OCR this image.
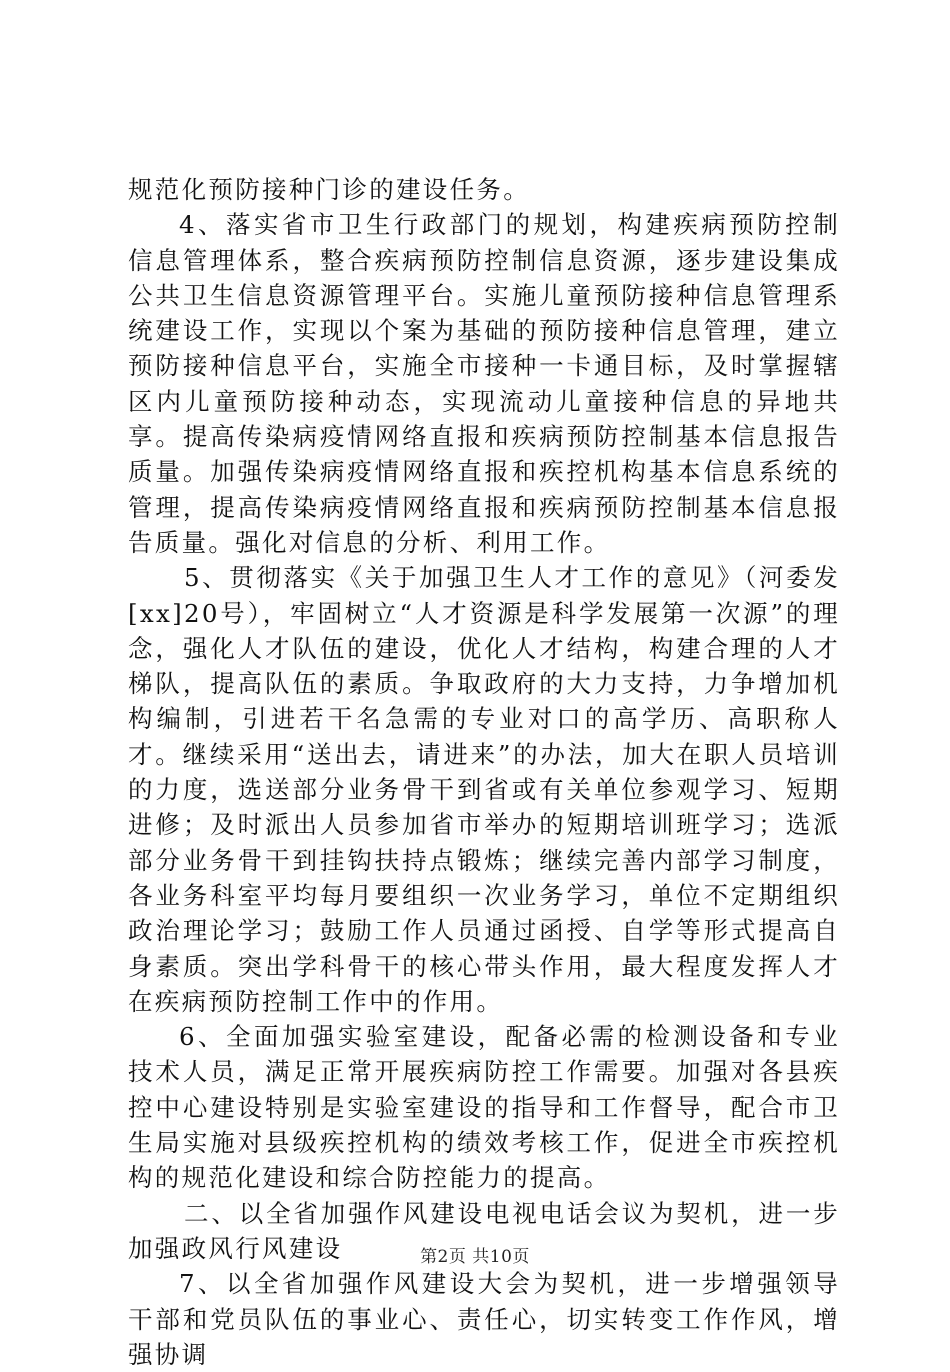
规范化预防接种门诊的建设任务。

4、落实省市卫生行政部门的规划，构建疾病预防控制信息管理体系，整合疾病预防控制信息资源，逐步建设集成公共卫生信息资源管理平台。实施儿童预防接种信息管理系统建设工作，实现以个案为基础的预防接种信息管理，建立预防接种信息平台，实施全市接种一卡通目标，及时掌握辖区内儿童预防接种动态，实现流动儿童接种信息的异地共享。提高传染病疫情网络直报和疾病预防控制基本信息报告质量。加强传染病疫情网络直报和疾控机构基本信息系统的管理，提高传染病疫情网络直报和疾病预防控制基本信息报告质量。强化对信息的分析、利用工作。

5、贯彻落实《关于加强卫生人才工作的意见》（河委发[xx]20号），牢固树立“人才资源是科学发展第一次源”的理念，强化人才队伍的建设，优化人才结构，构建合理的人才梯队，提高队伍的素质。争取政府的大力支持，力争增加机构编制，引进若干名急需的专业对口的高学历、高职称人才。继续采用“送出去，请进来”的办法，加大在职人员培训的力度，选送部分业务骨干到省或有关单位参观学习、短期进修；及时派出人员参加省市举办的短期培训班学习；选派部分业务骨干到挂钩扶持点锻炼；继续完善内部学习制度，各业务科室平均每月要组织一次业务学习，单位不定期组织政治理论学习；鼓励工作人员通过函授、自学等形式提高自身素质。突出学科骨干的核心带头作用，最大程度发挥人才在疾病预防控制工作中的作用。

6、全面加强实验室建设，配备必需的检测设备和专业技术人员，满足正常开展疾病防控工作需要。加强对各县疾控中心建设特别是实验室建设的指导和工作督导，配合市卫生局实施对县级疾控机构的绩效考核工作，促进全市疾控机构的规范化建设和综合防控能力的提高。

二、以全省加强作风建设电视电话会议为契机，进一步加强政风行风建设

7、以全省加强作风建设大会为契机，进一步增强领导干部和党员队伍的事业心、责任心，切实转变工作作风，增强协调

第2页 共10页
